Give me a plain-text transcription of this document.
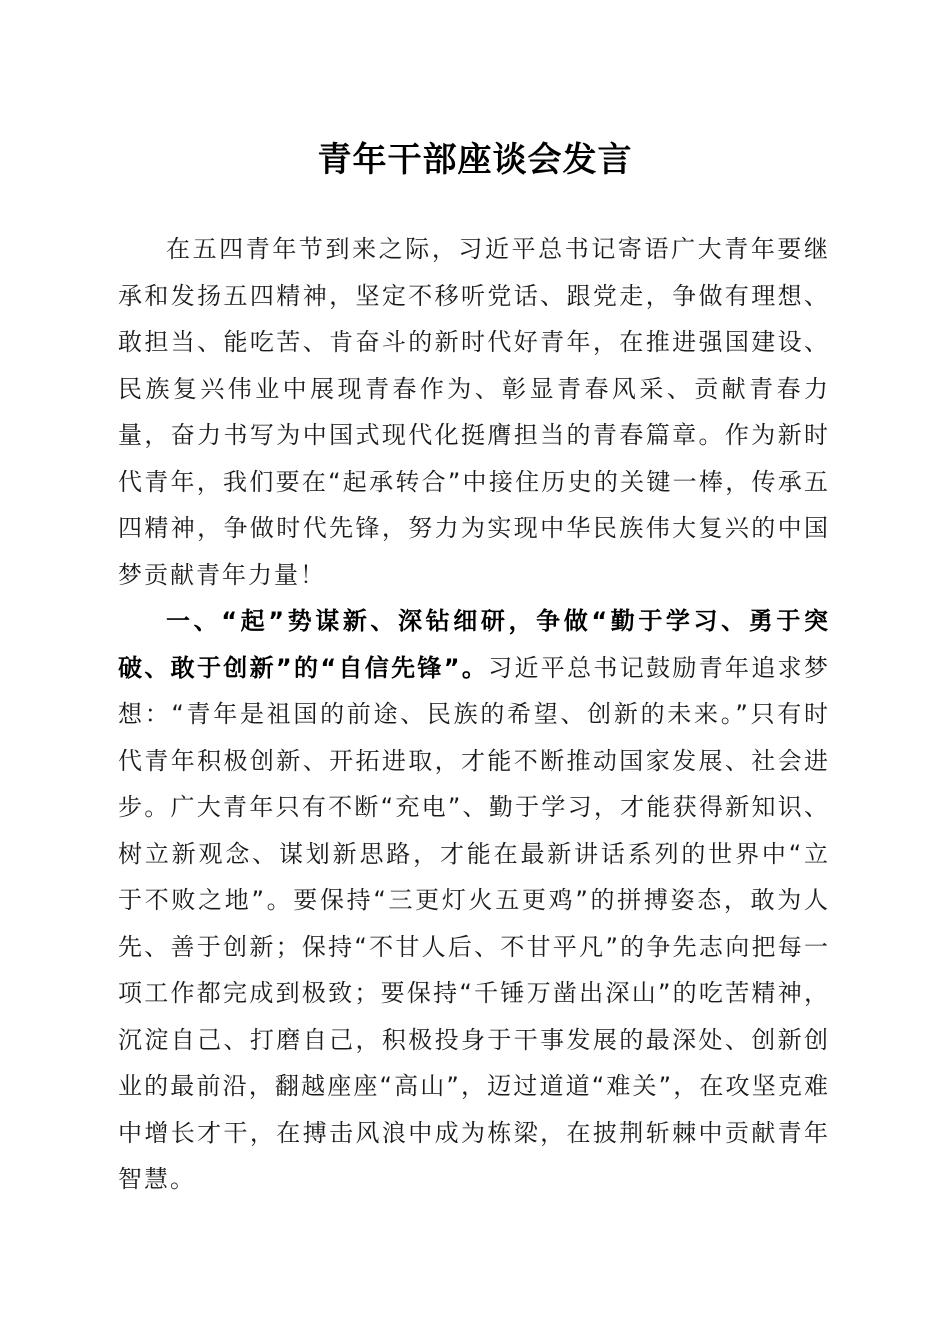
青年干部座谈会发言

在五四青年节到来之际，习近平总书记寄语广大青年要继承和发扬五四精神，坚定不移听党话、跟党走，争做有理想、敢担当、能吃苦、肯奋斗的新时代好青年，在推进强国建设、民族复兴伟业中展现青春作为、彰显青春风采、贡献青春力量，奋力书写为中国式现代化挺膺担当的青春篇章。作为新时代青年，我们要在“起承转合”中接住历史的关键一棒，传承五四精神，争做时代先锋，努力为实现中华民族伟大复兴的中国梦贡献青年力量！

一、“起”势谋新、深钻细研，争做“勤于学习、勇于突破、敢于创新”的“自信先锋”。习近平总书记鼓励青年追求梦想：“青年是祖国的前途、民族的希望、创新的未来。”只有时代青年积极创新、开拓进取，才能不断推动国家发展、社会进步。广大青年只有不断“充电”、勤于学习，才能获得新知识、树立新观念、谋划新思路，才能在最新讲话系列的世界中“立于不败之地”。要保持“三更灯火五更鸡”的拼搏姿态，敢为人先、善于创新；保持“不甘人后、不甘平凡”的争先志向把每一项工作都完成到极致；要保持“千锤万凿出深山”的吃苦精神，沉淀自己、打磨自己，积极投身于干事发展的最深处、创新创业的最前沿，翻越座座“高山”，迈过道道“难关”，在攻坚克难中增长才干，在搏击风浪中成为栋梁，在披荆斩棘中贡献青年智慧。
